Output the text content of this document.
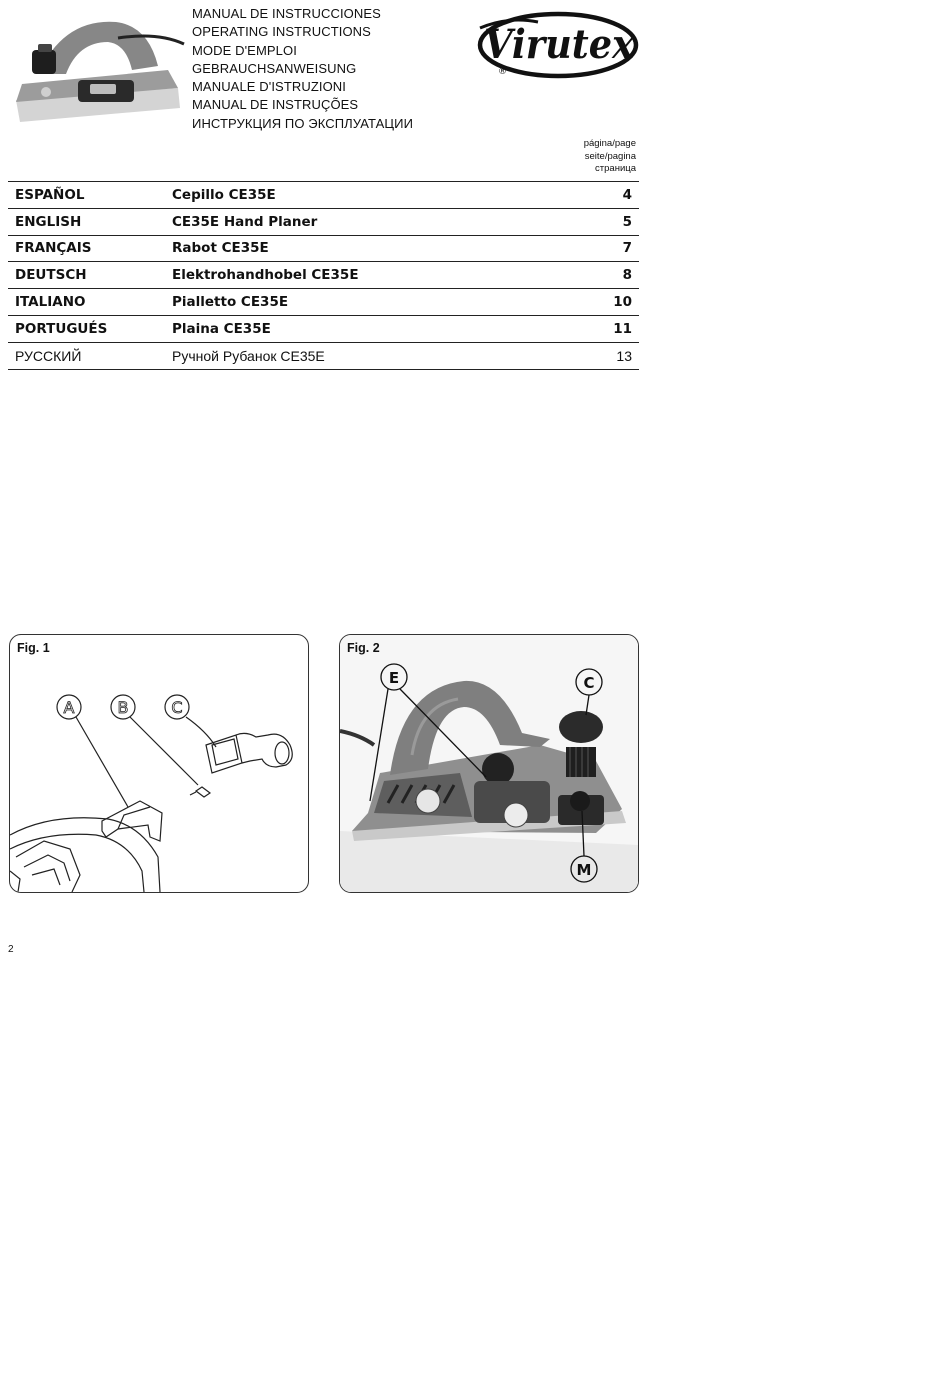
MANUAL DE INSTRUCCIONES
OPERATING INSTRUCTIONS
MODE D'EMPLOI
GEBRAUCHSANWEISUNG
MANUALE D'ISTRUZIONI
MANUAL DE INSTRUÇÕES
ИНСТРУКЦИЯ ПО ЭКСПЛУАТАЦИИ
Virutex
®
página/page
seite/pagina
страница
ESPAÑOL	Cepillo CE35E	4
ENGLISH	CE35E Hand Planer	5
FRANÇAIS	Rabot CE35E	7
DEUTSCH	Elektrohandhobel CE35E	8
ITALIANO	Pialletto CE35E	10
PORTUGUÉS	Plaina CE35E	11
РУССКИЙ	Ручной Рубанок CE35E	13
Fig. 1
A	B	C
Fig. 2
E	C
M
2
